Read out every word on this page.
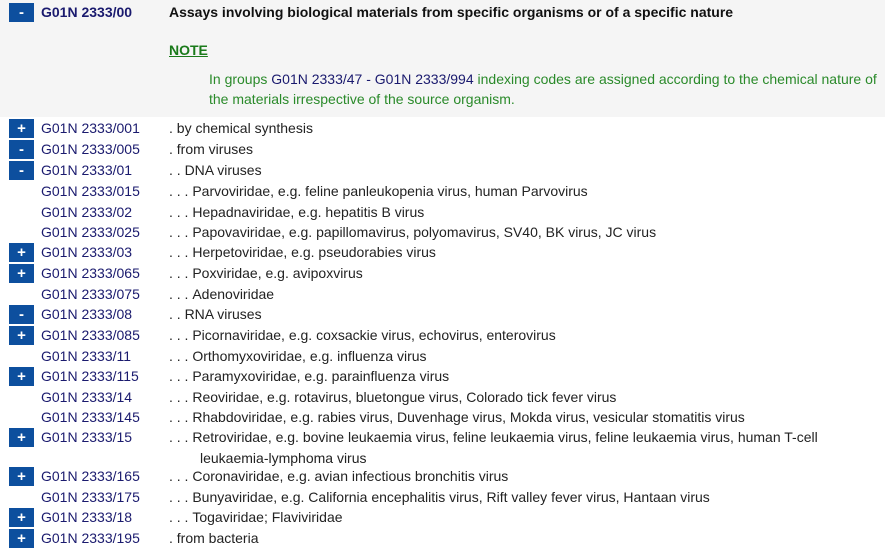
-	G01N 2333/00	Assays involving biological materials from specific organisms or of a specific nature
NOTE
In groups G01N 2333/47 - G01N 2333/994 indexing codes are assigned according to the chemical nature of the materials irrespective of the source organism.
+	G01N 2333/001 . by chemical synthesis
-	G01N 2333/005 . from viruses
-	G01N 2333/01	. . DNA viruses
G01N 2333/015 . . . Parvoviridae, e.g. feline panleukopenia virus, human Parvovirus
G01N 2333/02	. . . Hepadnaviridae, e.g. hepatitis B virus
G01N 2333/025 . . . Papovaviridae, e.g. papillomavirus, polyomavirus, SV40, BK virus, JC virus
+	G01N 2333/03	. . . Herpetoviridae, e.g. pseudorabies virus
+	G01N 2333/065 . . . Poxviridae, e.g. avipoxvirus
G01N 2333/075 . . . Adenoviridae
-	G01N 2333/08	. . RNA viruses
+	G01N 2333/085 . . . Picornaviridae, e.g. coxsackie virus, echovirus, enterovirus
G01N 2333/11	. . . Orthomyxoviridae, e.g. influenza virus
+	G01N 2333/115 . . . Paramyxoviridae, e.g. parainfluenza virus
G01N 2333/14	. . . Reoviridae, e.g. rotavirus, bluetongue virus, Colorado tick fever virus
G01N 2333/145 . . . Rhabdoviridae, e.g. rabies virus, Duvenhage virus, Mokda virus, vesicular stomatitis virus
+	G01N 2333/15	. . . Retroviridae, e.g. bovine leukaemia virus, feline leukaemia virus, feline leukaemia virus, human T-cell
leukaemia-lymphoma virus
+	G01N 2333/165 . . . Coronaviridae, e.g. avian infectious bronchitis virus
G01N 2333/175 . . . Bunyaviridae, e.g. California encephalitis virus, Rift valley fever virus, Hantaan virus
+	G01N 2333/18	. . . Togaviridae; Flaviviridae
+	G01N 2333/195 . from bacteria
